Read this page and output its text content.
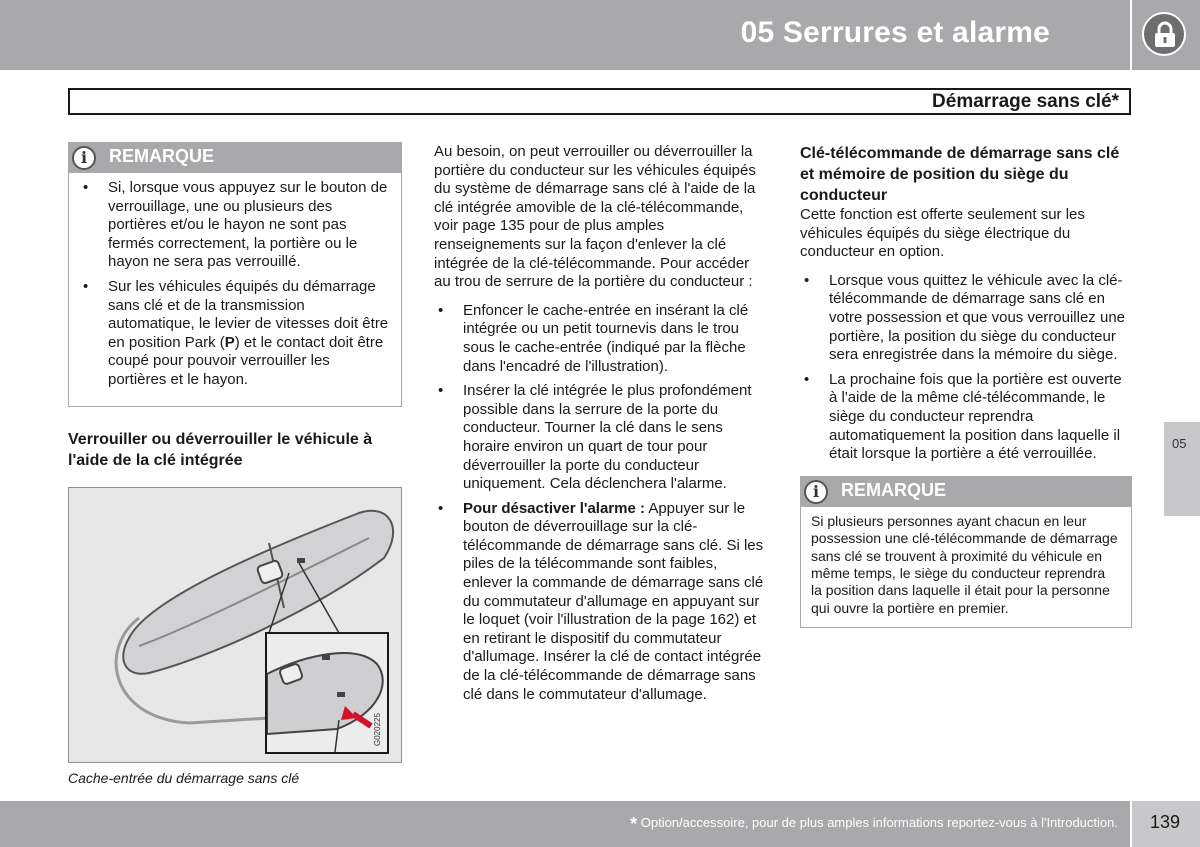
05 Serrures et alarme
Démarrage sans clé*
i	REMARQUE
• Si, lorsque vous appuyez sur le bouton de verrouillage, une ou plusieurs des portières et/ou le hayon ne sont pas fermés correctement, la portière ou le hayon ne sera pas verrouillé.
• Sur les véhicules équipés du démarrage sans clé et de la transmission automatique, le levier de vitesses doit être en position Park (P) et le contact doit être coupé pour pouvoir verrouiller les portières et le hayon.

Verrouiller ou déverrouiller le véhicule à l'aide de la clé intégrée

G020225
Cache-entrée du démarrage sans clé

Au besoin, on peut verrouiller ou déverrouiller la portière du conducteur sur les véhicules équipés du système de démarrage sans clé à l'aide de la clé intégrée amovible de la clé-télécommande, voir page 135 pour de plus amples renseignements sur la façon d'enlever la clé intégrée de la clé-télécommande. Pour accéder au trou de serrure de la portière du conducteur :

• Enfoncer le cache-entrée en insérant la clé intégrée ou un petit tournevis dans le trou sous le cache-entrée (indiqué par la flèche dans l'encadré de l'illustration).
• Insérer la clé intégrée le plus profondément possible dans la serrure de la porte du conducteur. Tourner la clé dans le sens horaire environ un quart de tour pour déverrouiller la porte du conducteur uniquement. Cela déclenchera l'alarme.
• Pour désactiver l'alarme : Appuyer sur le bouton de déverrouillage sur la clé-télécommande de démarrage sans clé. Si les piles de la télécommande sont faibles, enlever la commande de démarrage sans clé du commutateur d'allumage en appuyant sur le loquet (voir l'illustration de la page 162) et en retirant le dispositif du commutateur d'allumage. Insérer la clé de contact intégrée de la clé-télécommande de démarrage sans clé dans le commutateur d'allumage.

Clé-télécommande de démarrage sans clé et mémoire de position du siège du conducteur

Cette fonction est offerte seulement sur les véhicules équipés du siège électrique du conducteur en option.

• Lorsque vous quittez le véhicule avec la clé-télécommande de démarrage sans clé en votre possession et que vous verrouillez une portière, la position du siège du conducteur sera enregistrée dans la mémoire du siège.
• La prochaine fois que la portière est ouverte à l'aide de la même clé-télécommande, le siège du conducteur reprendra automatiquement la position dans laquelle il était lorsque la portière a été verrouillée.
i	REMARQUE
Si plusieurs personnes ayant chacun en leur possession une clé-télécommande de démarrage sans clé se trouvent à proximité du véhicule en même temps, le siège du conducteur reprendra la position dans laquelle il était pour la personne qui ouvre la portière en premier.
05
* Option/accessoire, pour de plus amples informations reportez-vous à l'Introduction. 139
